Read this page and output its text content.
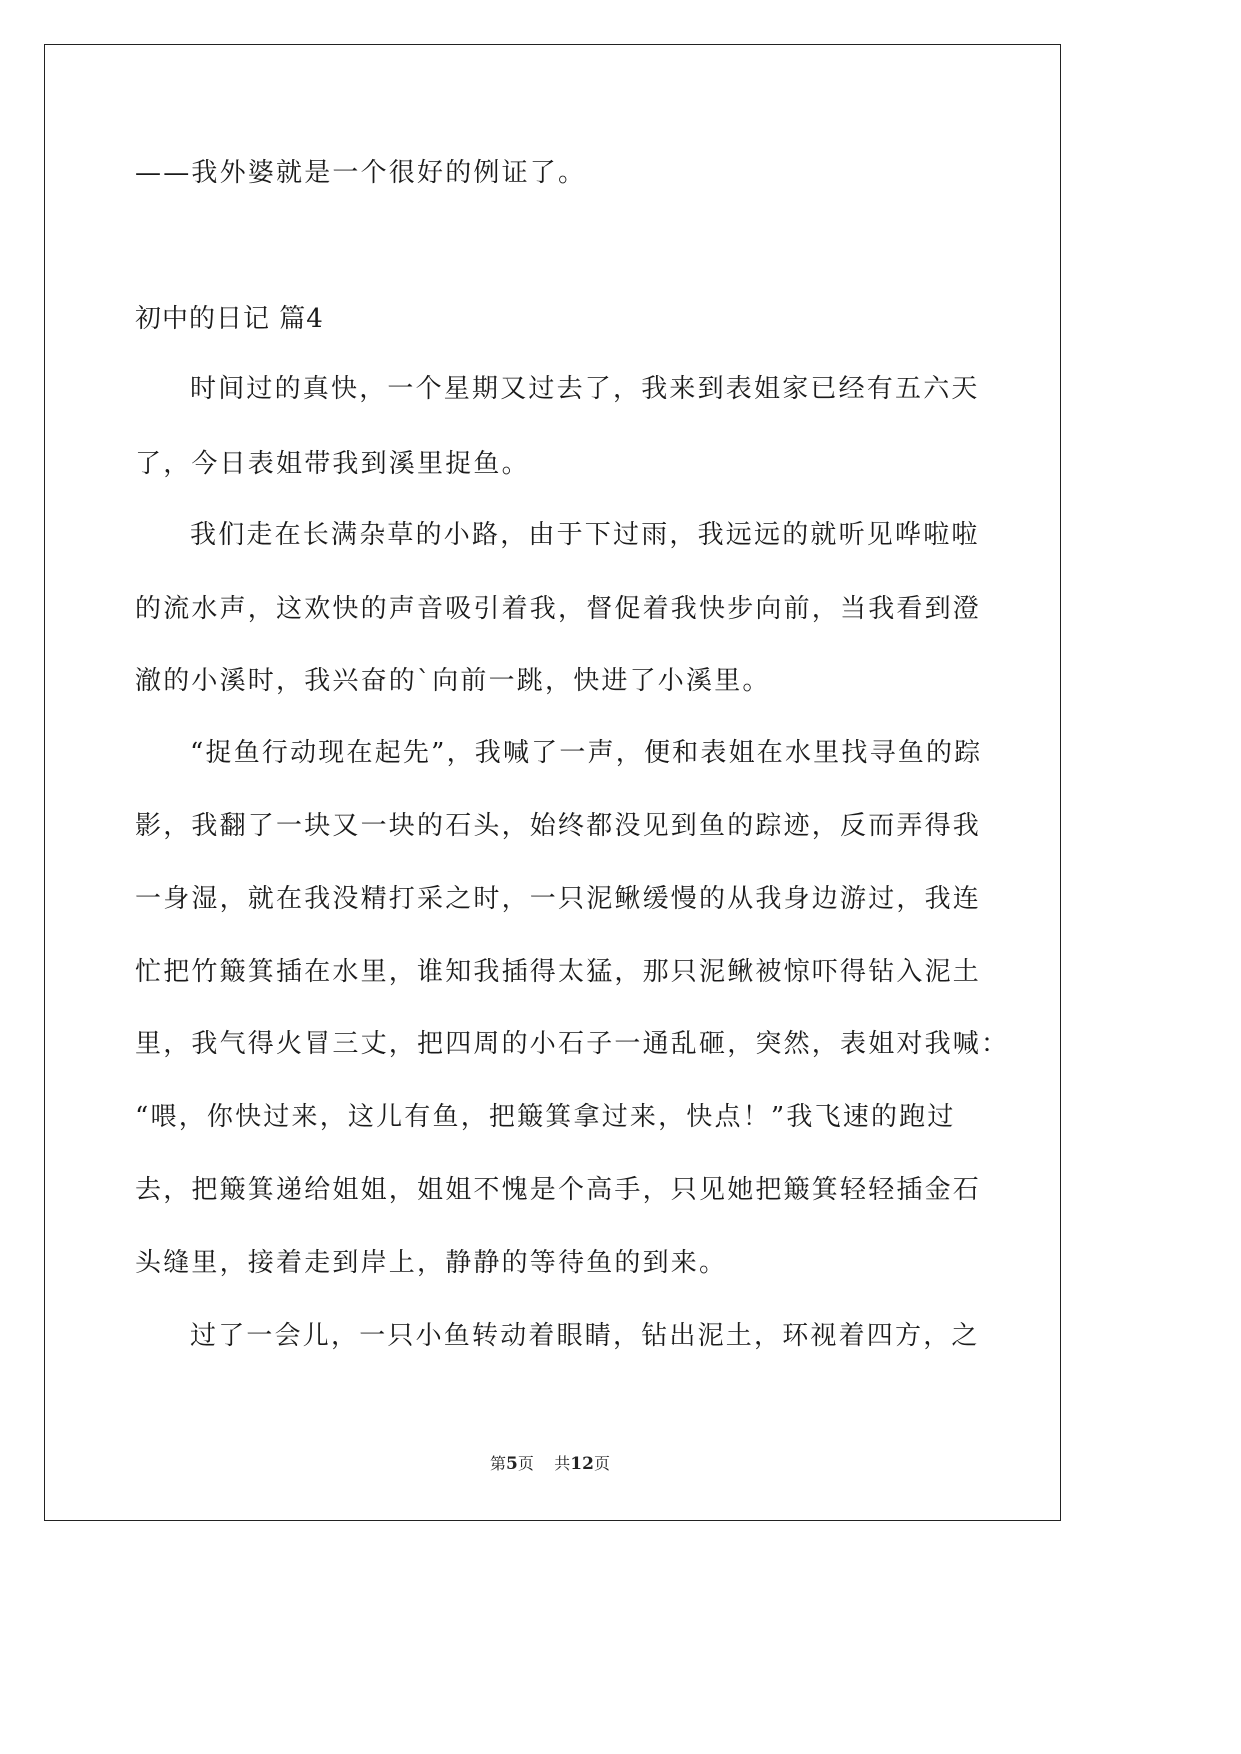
——我外婆就是一个很好的例证了。

初中的日记 篇4

时间过的真快，一个星期又过去了，我来到表姐家已经有五六天

了，今日表姐带我到溪里捉鱼。

我们走在长满杂草的小路，由于下过雨，我远远的就听见哗啦啦

的流水声，这欢快的声音吸引着我，督促着我快步向前，当我看到澄

澈的小溪时，我兴奋的`向前一跳，快进了小溪里。

“捉鱼行动现在起先”，我喊了一声，便和表姐在水里找寻鱼的踪

影，我翻了一块又一块的石头，始终都没见到鱼的踪迹，反而弄得我

一身湿，就在我没精打采之时，一只泥鳅缓慢的从我身边游过，我连

忙把竹簸箕插在水里，谁知我插得太猛，那只泥鳅被惊吓得钻入泥土

里，我气得火冒三丈，把四周的小石子一通乱砸，突然，表姐对我喊：

“喂，你快过来，这儿有鱼，把簸箕拿过来，快点！”我飞速的跑过

去，把簸箕递给姐姐，姐姐不愧是个高手，只见她把簸箕轻轻插金石

头缝里，接着走到岸上，静静的等待鱼的到来。

过了一会儿，一只小鱼转动着眼睛，钻出泥土，环视着四方，之

第5页 共12页
